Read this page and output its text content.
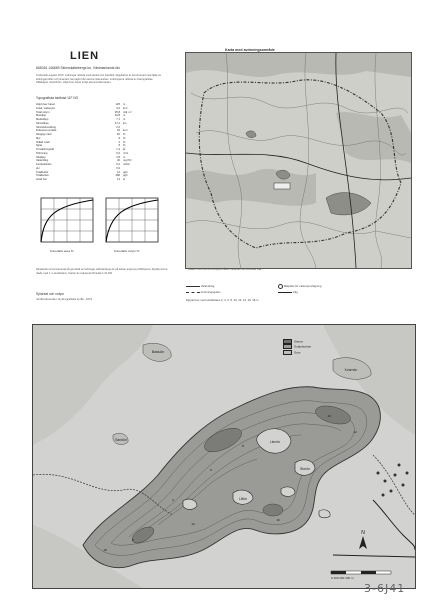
LIEN
665316 146669 Skinnskattebergs kn, Västmanlands län
Undersökt augusti 1970. Lodningar utförda med ekolod och handlod. Djupkartan är konstruerad med hjälp av lodningsprofiler och stranden har tagits från ekonomiska kartan. Lodningarna utförda av Kartografiska Sällskapet, Stockholm. Höjd över havet enligt ekonomiska kartan.
Topografiska kartblad 11F NO
Höjd över havet	125	m
Areal, vattenyta	3,6	km²
Total volym	25,8	milj. m³
Maxdjup	19,8	m
Medeldjup	7,1	m
Strandlinje	17,2	km
Strandutveckling	2,6
Dränerat område	32	km²
Skoglig mark	81	%
Myr	9	%
Odlad mark	2	%
Sjöar	8	%
Omsättningstid	1,4	år
Tillrinning	0,6	m³/s
Siktdjup	3,8	m
Vattenfärg	40	mg Pt/l
Konduktivitet	6,2	mS/m
pH	6,9
Totalfosfor	12	µg/l
Totalkväve	480	µg/l
Antal öar	14	st
Kumulativ area %	Kumulativ volym %
Djupkartan är konstruerad på grundval av lodningar utförda längs de på kartan angivna profillinjerna. Djupkurvorna ritade med 1 m ekvidistans. Kartan är reducerad till skala 1:10 000.
Sjöareal och volym
Jordbruksverket, Hydrografiska byrån, 1972.
Karta med avrinningsområde
Skala 1:100 000 Avrinningsområdet markerat med streckad linje
Vattendrag
Avrinningsgräns
Mätplats för vattenprovtagning
Väg
Djupkurvor med ekvidistans 2, 4, 6, 8, 10, 12, 14, 16, 18 m
Lienön
Storön
Lillön
Bastuön
Kvarnön
Sandön
2
4
6
8
10
12
14
16
18
N
0 100 200 300 m
Stenar
Gyttjebottnar
Grus
3-6J41
